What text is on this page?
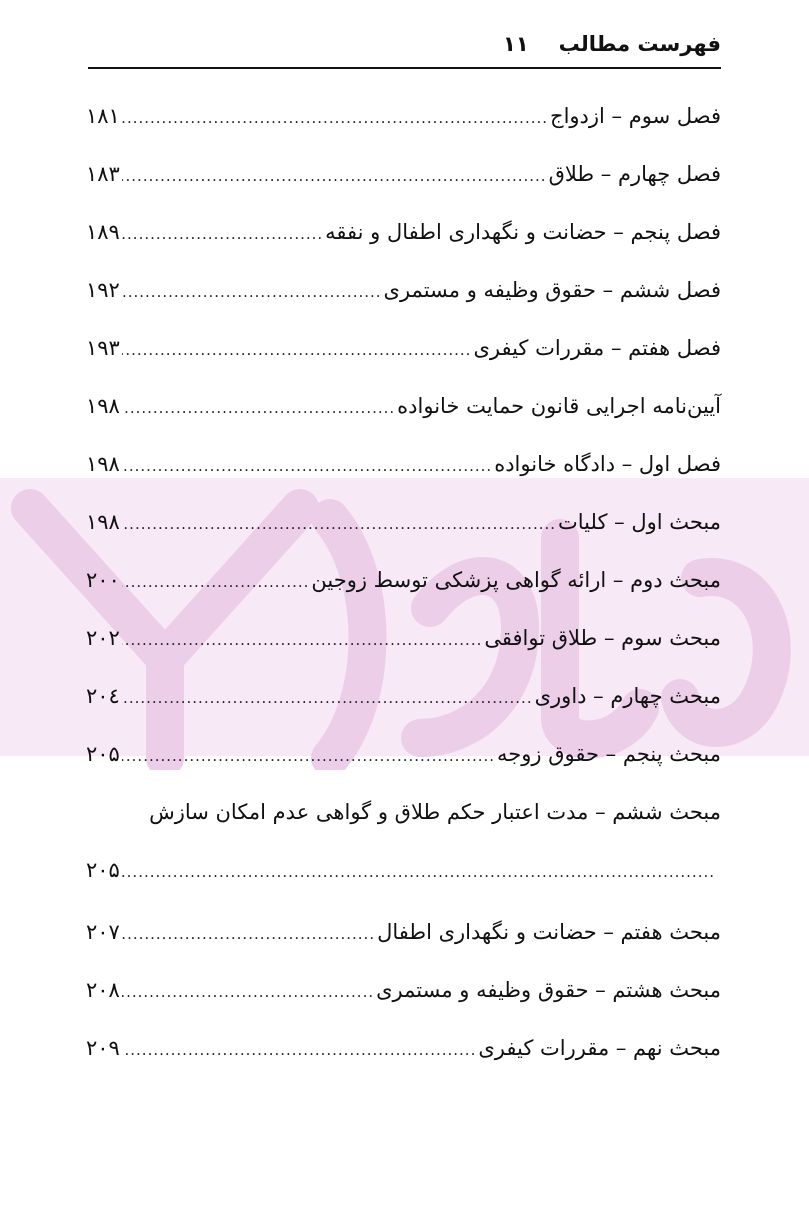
فهرست مطالب
۱۱
فصل سوم – ازدواج
.....
۱۸۱
فصل چهارم – طلاق
.....
۱۸۳
فصل پنجم – حضانت و نگهداری اطفال و نفقه
.....
۱۸۹
فصل ششم – حقوق وظیفه و مستمری
.....
۱۹۲
فصل هفتم – مقررات کیفری
.....
۱۹۳
آیین‌نامه اجرایی قانون حمایت خانواده
.....
۱۹۸
فصل اول – دادگاه خانواده
.....
۱۹۸
مبحث اول – کلیات
.....
۱۹۸
مبحث دوم – ارائه گواهی پزشکی توسط زوجین
.....
۲۰۰
مبحث سوم – طلاق توافقی
.....
۲۰۲
مبحث چهارم – داوری
.....
۲۰٤
مبحث پنجم – حقوق زوجه
.....
۲۰۵
مبحث ششم – مدت اعتبار حکم طلاق و گواهی عدم امکان سازش
.....
۲۰۵
مبحث هفتم – حضانت و نگهداری اطفال
.....
۲۰۷
مبحث هشتم – حقوق وظیفه و مستمری
.....
۲۰۸
مبحث نهم – مقررات کیفری
.....
۲۰۹
